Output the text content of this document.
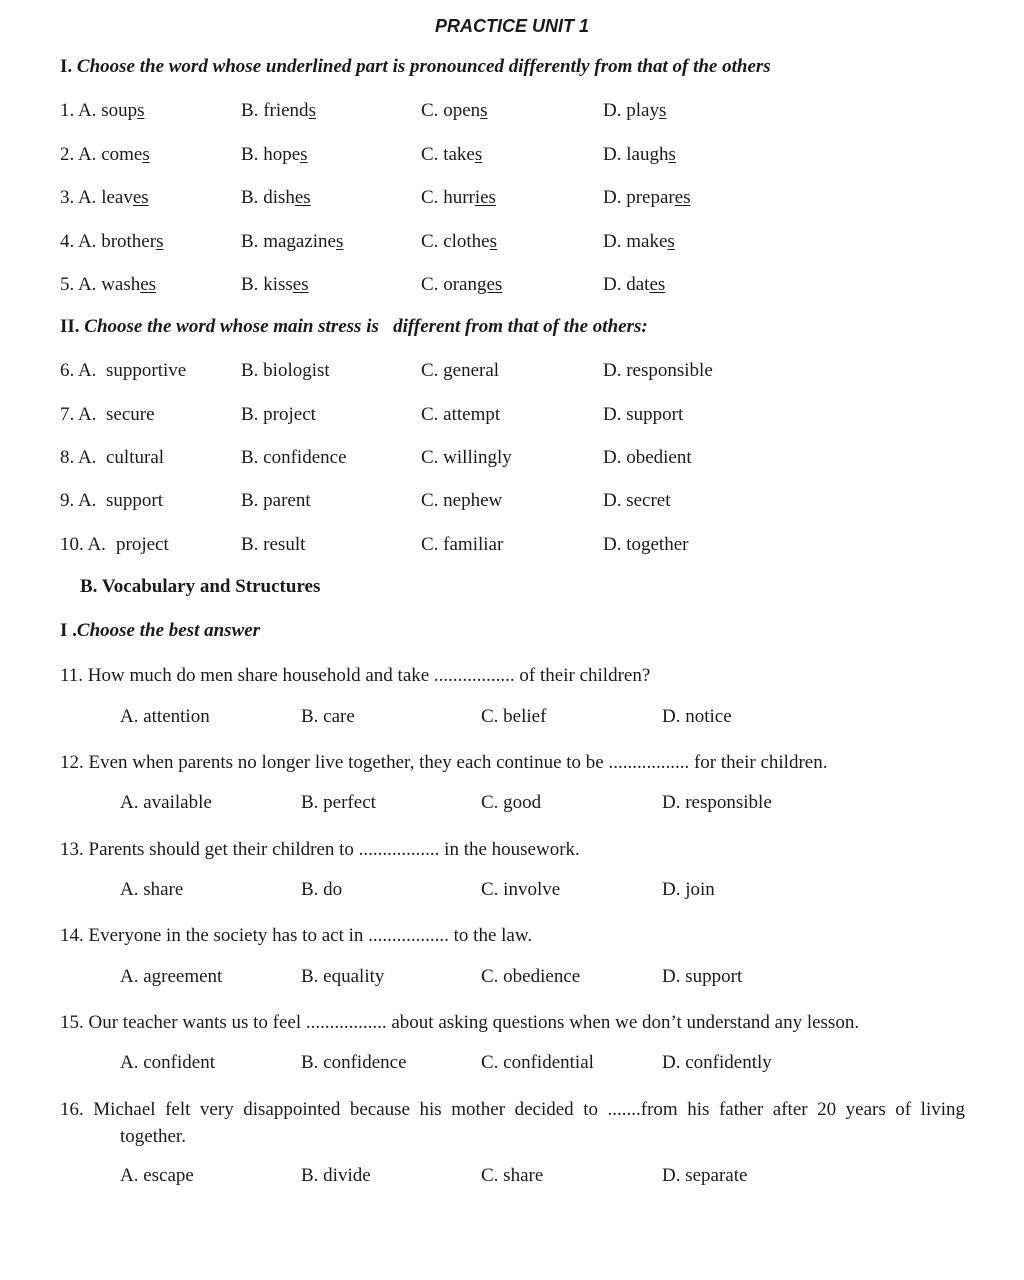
PRACTICE UNIT 1
I. Choose the word whose underlined part is pronounced differently from that of the others
1. A. soups	B. friends	C. opens	D. plays
2. A. comes	B. hopes	C. takes	D. laughs
3. A. leaves	B. dishes	C. hurries	D. prepares
4. A. brothers	B. magazines	C. clothes	D. makes
5. A. washes	B. kisses	C. oranges	D. dates
II. Choose the word whose main stress is   different from that of the others:
6. A. supportive	B. biologist	C. general	D. responsible
7. A. secure	B. project	C. attempt	D. support
8. A. cultural	B. confidence	C. willingly	D. obedient
9. A. support	B. parent	C. nephew	D. secret
10. A. project	B. result	C. familiar	D. together
B. Vocabulary and Structures
I .Choose the best answer
11. How much do men share household and take ................. of their children?
A. attention	B. care	C. belief	D. notice
12. Even when parents no longer live together, they each continue to be ................. for their children.
A. available	B. perfect	C. good	D. responsible
13. Parents should get their children to ................. in the housework.
A. share	B. do	C. involve	D. join
14. Everyone in the society has to act in ................. to the law.
A. agreement	B. equality	C. obedience	D. support
15. Our teacher wants us to feel ................. about asking questions when we don’t understand any lesson.
A. confident	B. confidence	C. confidential	D. confidently
16. Michael felt very disappointed because his mother decided to .......from his father after 20 years of living
together.
A. escape	B. divide	C. share	D. separate
